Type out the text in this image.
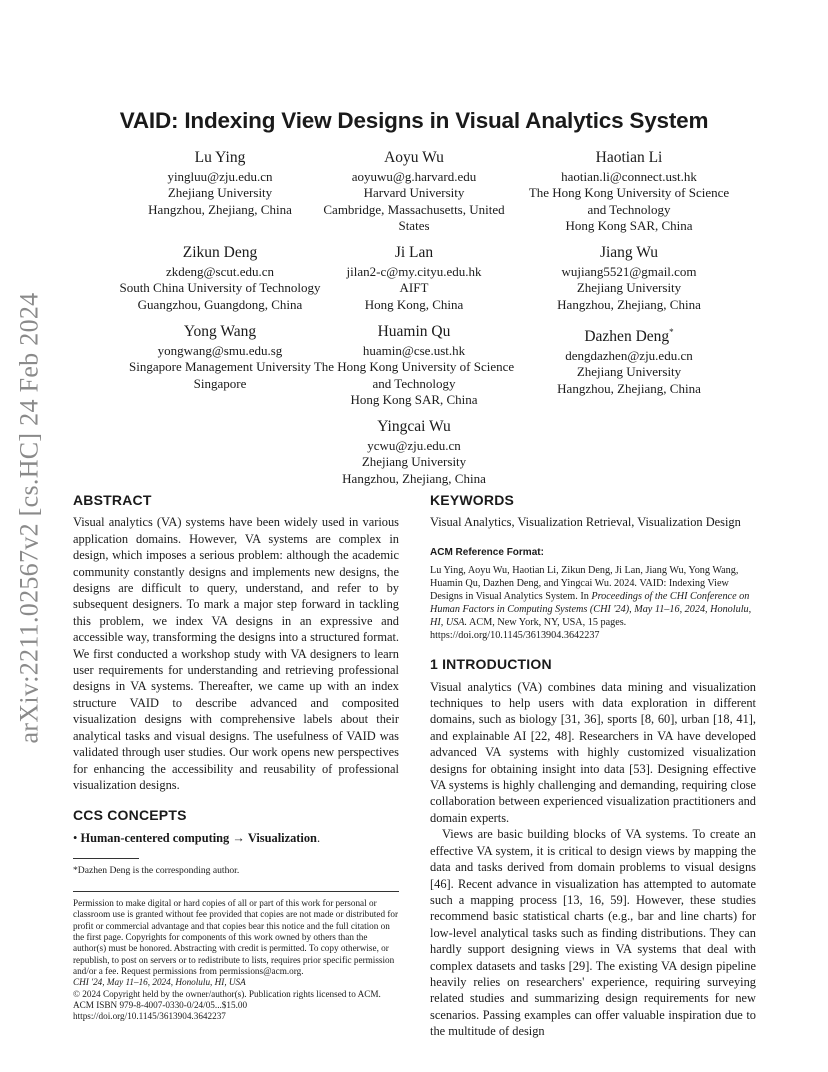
arXiv:2211.02567v2 [cs.HC] 24 Feb 2024
VAID: Indexing View Designs in Visual Analytics System
Lu Ying
yingluu@zju.edu.cn
Zhejiang University
Hangzhou, Zhejiang, China
Aoyu Wu
aoyuwu@g.harvard.edu
Harvard University
Cambridge, Massachusetts, United
States
Haotian Li
haotian.li@connect.ust.hk
The Hong Kong University of Science
and Technology
Hong Kong SAR, China
Zikun Deng
zkdeng@scut.edu.cn
South China University of Technology
Guangzhou, Guangdong, China
Ji Lan
jilan2-c@my.cityu.edu.hk
AIFT
Hong Kong, China
Jiang Wu
wujiang5521@gmail.com
Zhejiang University
Hangzhou, Zhejiang, China
Yong Wang
yongwang@smu.edu.sg
Singapore Management University
Singapore
Huamin Qu
huamin@cse.ust.hk
The Hong Kong University of Science
and Technology
Hong Kong SAR, China
Dazhen Deng*
dengdazhen@zju.edu.cn
Zhejiang University
Hangzhou, Zhejiang, China
Yingcai Wu
ycwu@zju.edu.cn
Zhejiang University
Hangzhou, Zhejiang, China
ABSTRACT

Visual analytics (VA) systems have been widely used in various application domains. However, VA systems are complex in design, which imposes a serious problem: although the academic community constantly designs and implements new designs, the designs are difficult to query, understand, and refer to by subsequent designers. To mark a major step forward in tackling this problem, we index VA designs in an expressive and accessible way, transforming the designs into a structured format. We first conducted a workshop study with VA designers to learn user requirements for understanding and retrieving professional designs in VA systems. Thereafter, we came up with an index structure VAID to describe advanced and composited visualization designs with comprehensive labels about their analytical tasks and visual designs. The usefulness of VAID was validated through user studies. Our work opens new perspectives for enhancing the accessibility and reusability of professional visualization designs.

CCS CONCEPTS
• Human-centered computing → Visualization.
*Dazhen Deng is the corresponding author.

Permission to make digital or hard copies of all or part of this work for personal or classroom use is granted without fee provided that copies are not made or distributed for profit or commercial advantage and that copies bear this notice and the full citation on the first page. Copyrights for components of this work owned by others than the author(s) must be honored. Abstracting with credit is permitted. To copy otherwise, or republish, to post on servers or to redistribute to lists, requires prior specific permission and/or a fee. Request permissions from permissions@acm.org.

CHI '24, May 11–16, 2024, Honolulu, HI, USA

© 2024 Copyright held by the owner/author(s). Publication rights licensed to ACM.

ACM ISBN 979-8-4007-0330-0/24/05...$15.00

https://doi.org/10.1145/3613904.3642237

KEYWORDS

Visual Analytics, Visualization Retrieval, Visualization Design

ACM Reference Format:
Lu Ying, Aoyu Wu, Haotian Li, Zikun Deng, Ji Lan, Jiang Wu, Yong Wang, Huamin Qu, Dazhen Deng, and Yingcai Wu. 2024. VAID: Indexing View Designs in Visual Analytics System. In Proceedings of the CHI Conference on Human Factors in Computing Systems (CHI '24), May 11–16, 2024, Honolulu, HI, USA. ACM, New York, NY, USA, 15 pages. https://doi.org/10.1145/3613904.3642237
1 INTRODUCTION

Visual analytics (VA) combines data mining and visualization techniques to help users with data exploration in different domains, such as biology [31, 36], sports [8, 60], urban [18, 41], and explainable AI [22, 48]. Researchers in VA have developed advanced VA systems with highly customized visualization designs for obtaining insight into data [53]. Designing effective VA systems is highly challenging and demanding, requiring close collaboration between experienced visualization practitioners and domain experts.

Views are basic building blocks of VA systems. To create an effective VA system, it is critical to design views by mapping the data and tasks derived from domain problems to visual designs [46]. Recent advance in visualization has attempted to automate such a mapping process [13, 16, 59]. However, these studies recommend basic statistical charts (e.g., bar and line charts) for low-level analytical tasks such as finding distributions. They can hardly support designing views in VA systems that deal with complex datasets and tasks [29]. The existing VA design pipeline heavily relies on researchers' experience, requiring surveying related studies and summarizing design requirements for new scenarios. Passing examples can offer valuable inspiration due to the multitude of design
